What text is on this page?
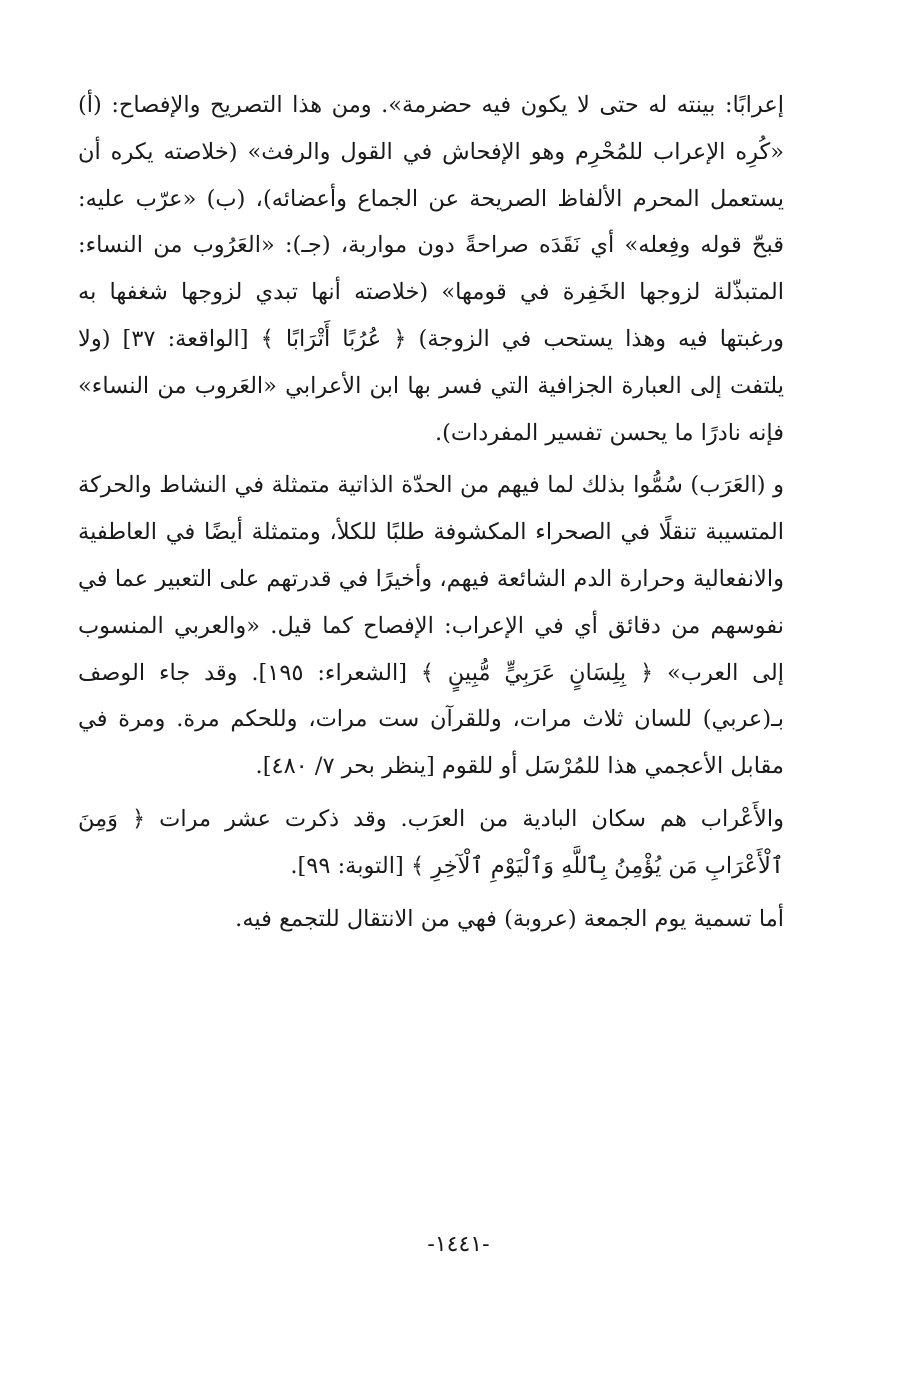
إعرابًا: بينته له حتى لا يكون فيه حضرمة». ومن هذا التصريح والإفصاح: (أ) «كُرِه الإعراب للمُحْرِم وهو الإفحاش في القول والرفث» (خلاصته يكره أن يستعمل المحرم الألفاظ الصريحة عن الجماع وأعضائه)، (ب) «عرّب عليه: قبحّ قوله وفِعله» أي نَقَدَه صراحةً دون مواربة، (جـ): «العَرُوب من النساء: المتبذّلة لزوجها الخَفِرة في قومها» (خلاصته أنها تبدي لزوجها شغفها به ورغبتها فيه وهذا يستحب في الزوجة) ﴿ عُرُبًا أَتْرَابًا ﴾ [الواقعة: ٣٧] (ولا يلتفت إلى العبارة الجزافية التي فسر بها ابن الأعرابي «العَروب من النساء» فإنه نادرًا ما يحسن تفسير المفردات).

و (العَرَب) سُمُّوا بذلك لما فيهم من الحدّة الذاتية متمثلة في النشاط والحركة المتسيبة تنقلًا في الصحراء المكشوفة طلبًا للكلأ، ومتمثلة أيضًا في العاطفية والانفعالية وحرارة الدم الشائعة فيهم، وأخيرًا في قدرتهم على التعبير عما في نفوسهم من دقائق أي في الإعراب: الإفصاح كما قيل. «والعربي المنسوب إلى العرب» ﴿ بِلِسَانٍ عَرَبِيٍّ مُّبِينٍ ﴾ [الشعراء: ١٩٥]. وقد جاء الوصف بـ(عربي) للسان ثلاث مرات، وللقرآن ست مرات، وللحكم مرة. ومرة في مقابل الأعجمي هذا للمُرْسَل أو للقوم [ينظر بحر ٧/ ٤٨٠].

والأَعْراب هم سكان البادية من العرَب. وقد ذكرت عشر مرات ﴿ وَمِنَ ٱلْأَعْرَابِ مَن يُؤْمِنُ بِٱللَّهِ وَٱلْيَوْمِ ٱلْآخِرِ ﴾ [التوبة: ٩٩].

أما تسمية يوم الجمعة (عروبة) فهي من الانتقال للتجمع فيه.

-١٤٤١-
